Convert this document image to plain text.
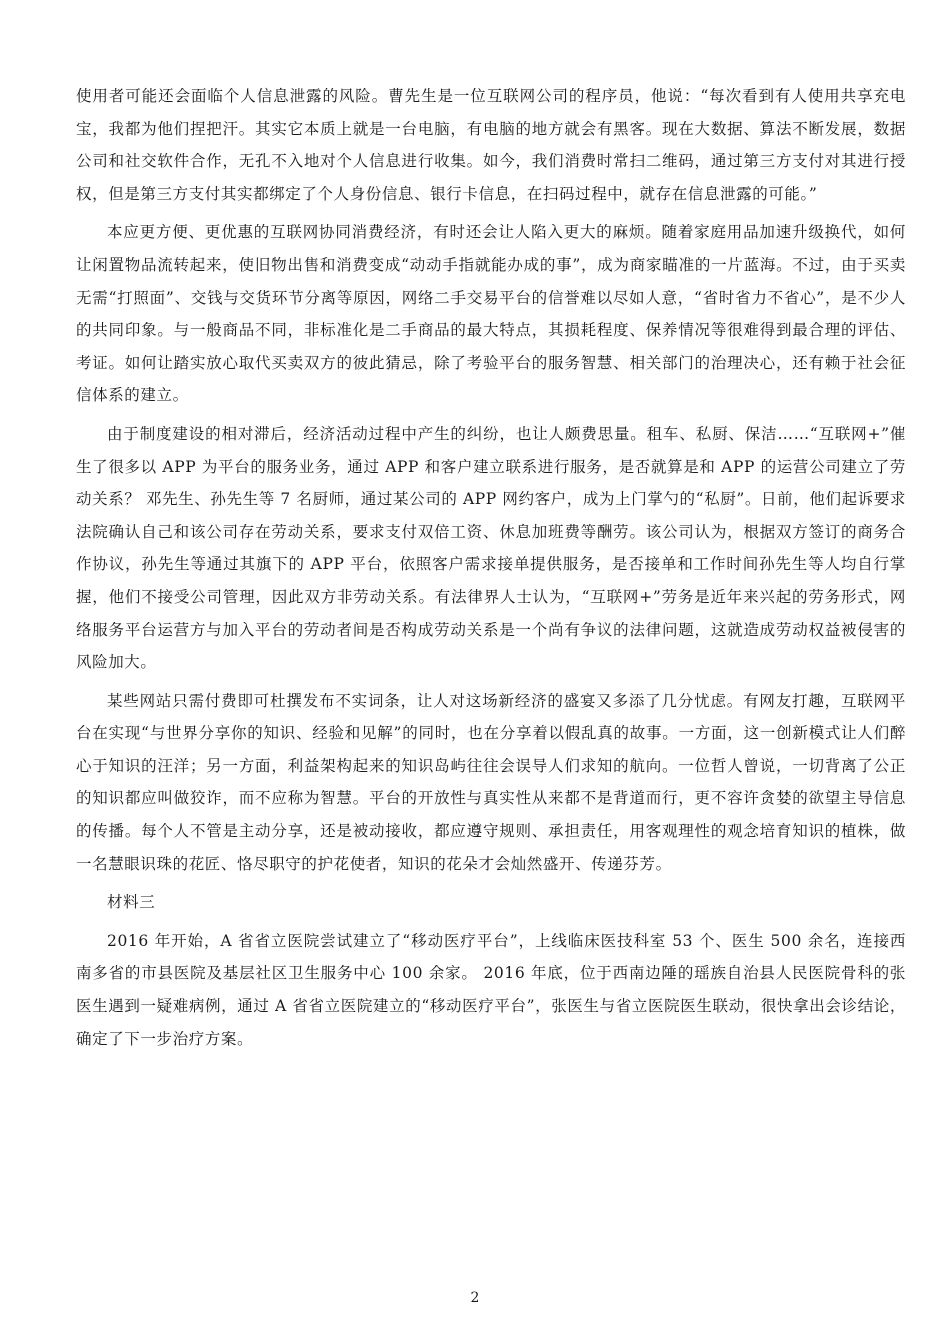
使用者可能还会面临个人信息泄露的风险。曹先生是一位互联网公司的程序员，他说：“每次看到有人使用共享充电宝，我都为他们捏把汗。其实它本质上就是一台电脑，有电脑的地方就会有黑客。现在大数据、算法不断发展，数据公司和社交软件合作，无孔不入地对个人信息进行收集。如今，我们消费时常扫二维码，通过第三方支付对其进行授权，但是第三方支付其实都绑定了个人身份信息、银行卡信息，在扫码过程中，就存在信息泄露的可能。”

本应更方便、更优惠的互联网协同消费经济，有时还会让人陷入更大的麻烦。随着家庭用品加速升级换代，如何让闲置物品流转起来，使旧物出售和消费变成“动动手指就能办成的事”，成为商家瞄准的一片蓝海。不过，由于买卖无需“打照面”、交钱与交货环节分离等原因，网络二手交易平台的信誉难以尽如人意，“省时省力不省心”，是不少人的共同印象。与一般商品不同，非标准化是二手商品的最大特点，其损耗程度、保养情况等很难得到最合理的评估、考证。如何让踏实放心取代买卖双方的彼此猜忌，除了考验平台的服务智慧、相关部门的治理决心，还有赖于社会征信体系的建立。

由于制度建设的相对滞后，经济活动过程中产生的纠纷，也让人颇费思量。租车、私厨、保洁……“互联网+”催生了很多以 APP 为平台的服务业务，通过 APP 和客户建立联系进行服务，是否就算是和 APP 的运营公司建立了劳动关系？ 邓先生、孙先生等 7 名厨师，通过某公司的 APP 网约客户，成为上门掌勺的“私厨”。日前，他们起诉要求法院确认自己和该公司存在劳动关系，要求支付双倍工资、休息加班费等酬劳。该公司认为，根据双方签订的商务合作协议，孙先生等通过其旗下的 APP 平台，依照客户需求接单提供服务，是否接单和工作时间孙先生等人均自行掌握，他们不接受公司管理，因此双方非劳动关系。有法律界人士认为，“互联网+”劳务是近年来兴起的劳务形式，网络服务平台运营方与加入平台的劳动者间是否构成劳动关系是一个尚有争议的法律问题，这就造成劳动权益被侵害的风险加大。

某些网站只需付费即可杜撰发布不实词条，让人对这场新经济的盛宴又多添了几分忧虑。有网友打趣，互联网平台在实现“与世界分享你的知识、经验和见解”的同时，也在分享着以假乱真的故事。一方面，这一创新模式让人们醉心于知识的汪洋；另一方面，利益架构起来的知识岛屿往往会误导人们求知的航向。一位哲人曾说，一切背离了公正的知识都应叫做狡诈，而不应称为智慧。平台的开放性与真实性从来都不是背道而行，更不容许贪婪的欲望主导信息的传播。每个人不管是主动分享，还是被动接收，都应遵守规则、承担责任，用客观理性的观念培育知识的植株，做一名慧眼识珠的花匠、恪尽职守的护花使者，知识的花朵才会灿然盛开、传递芬芳。

材料三

2016 年开始，A 省省立医院尝试建立了“移动医疗平台”，上线临床医技科室 53 个、医生 500 余名，连接西南多省的市县医院及基层社区卫生服务中心 100 余家。 2016 年底，位于西南边陲的瑶族自治县人民医院骨科的张医生遇到一疑难病例，通过 A 省省立医院建立的“移动医疗平台”，张医生与省立医院医生联动，很快拿出会诊结论，确定了下一步治疗方案。

2
